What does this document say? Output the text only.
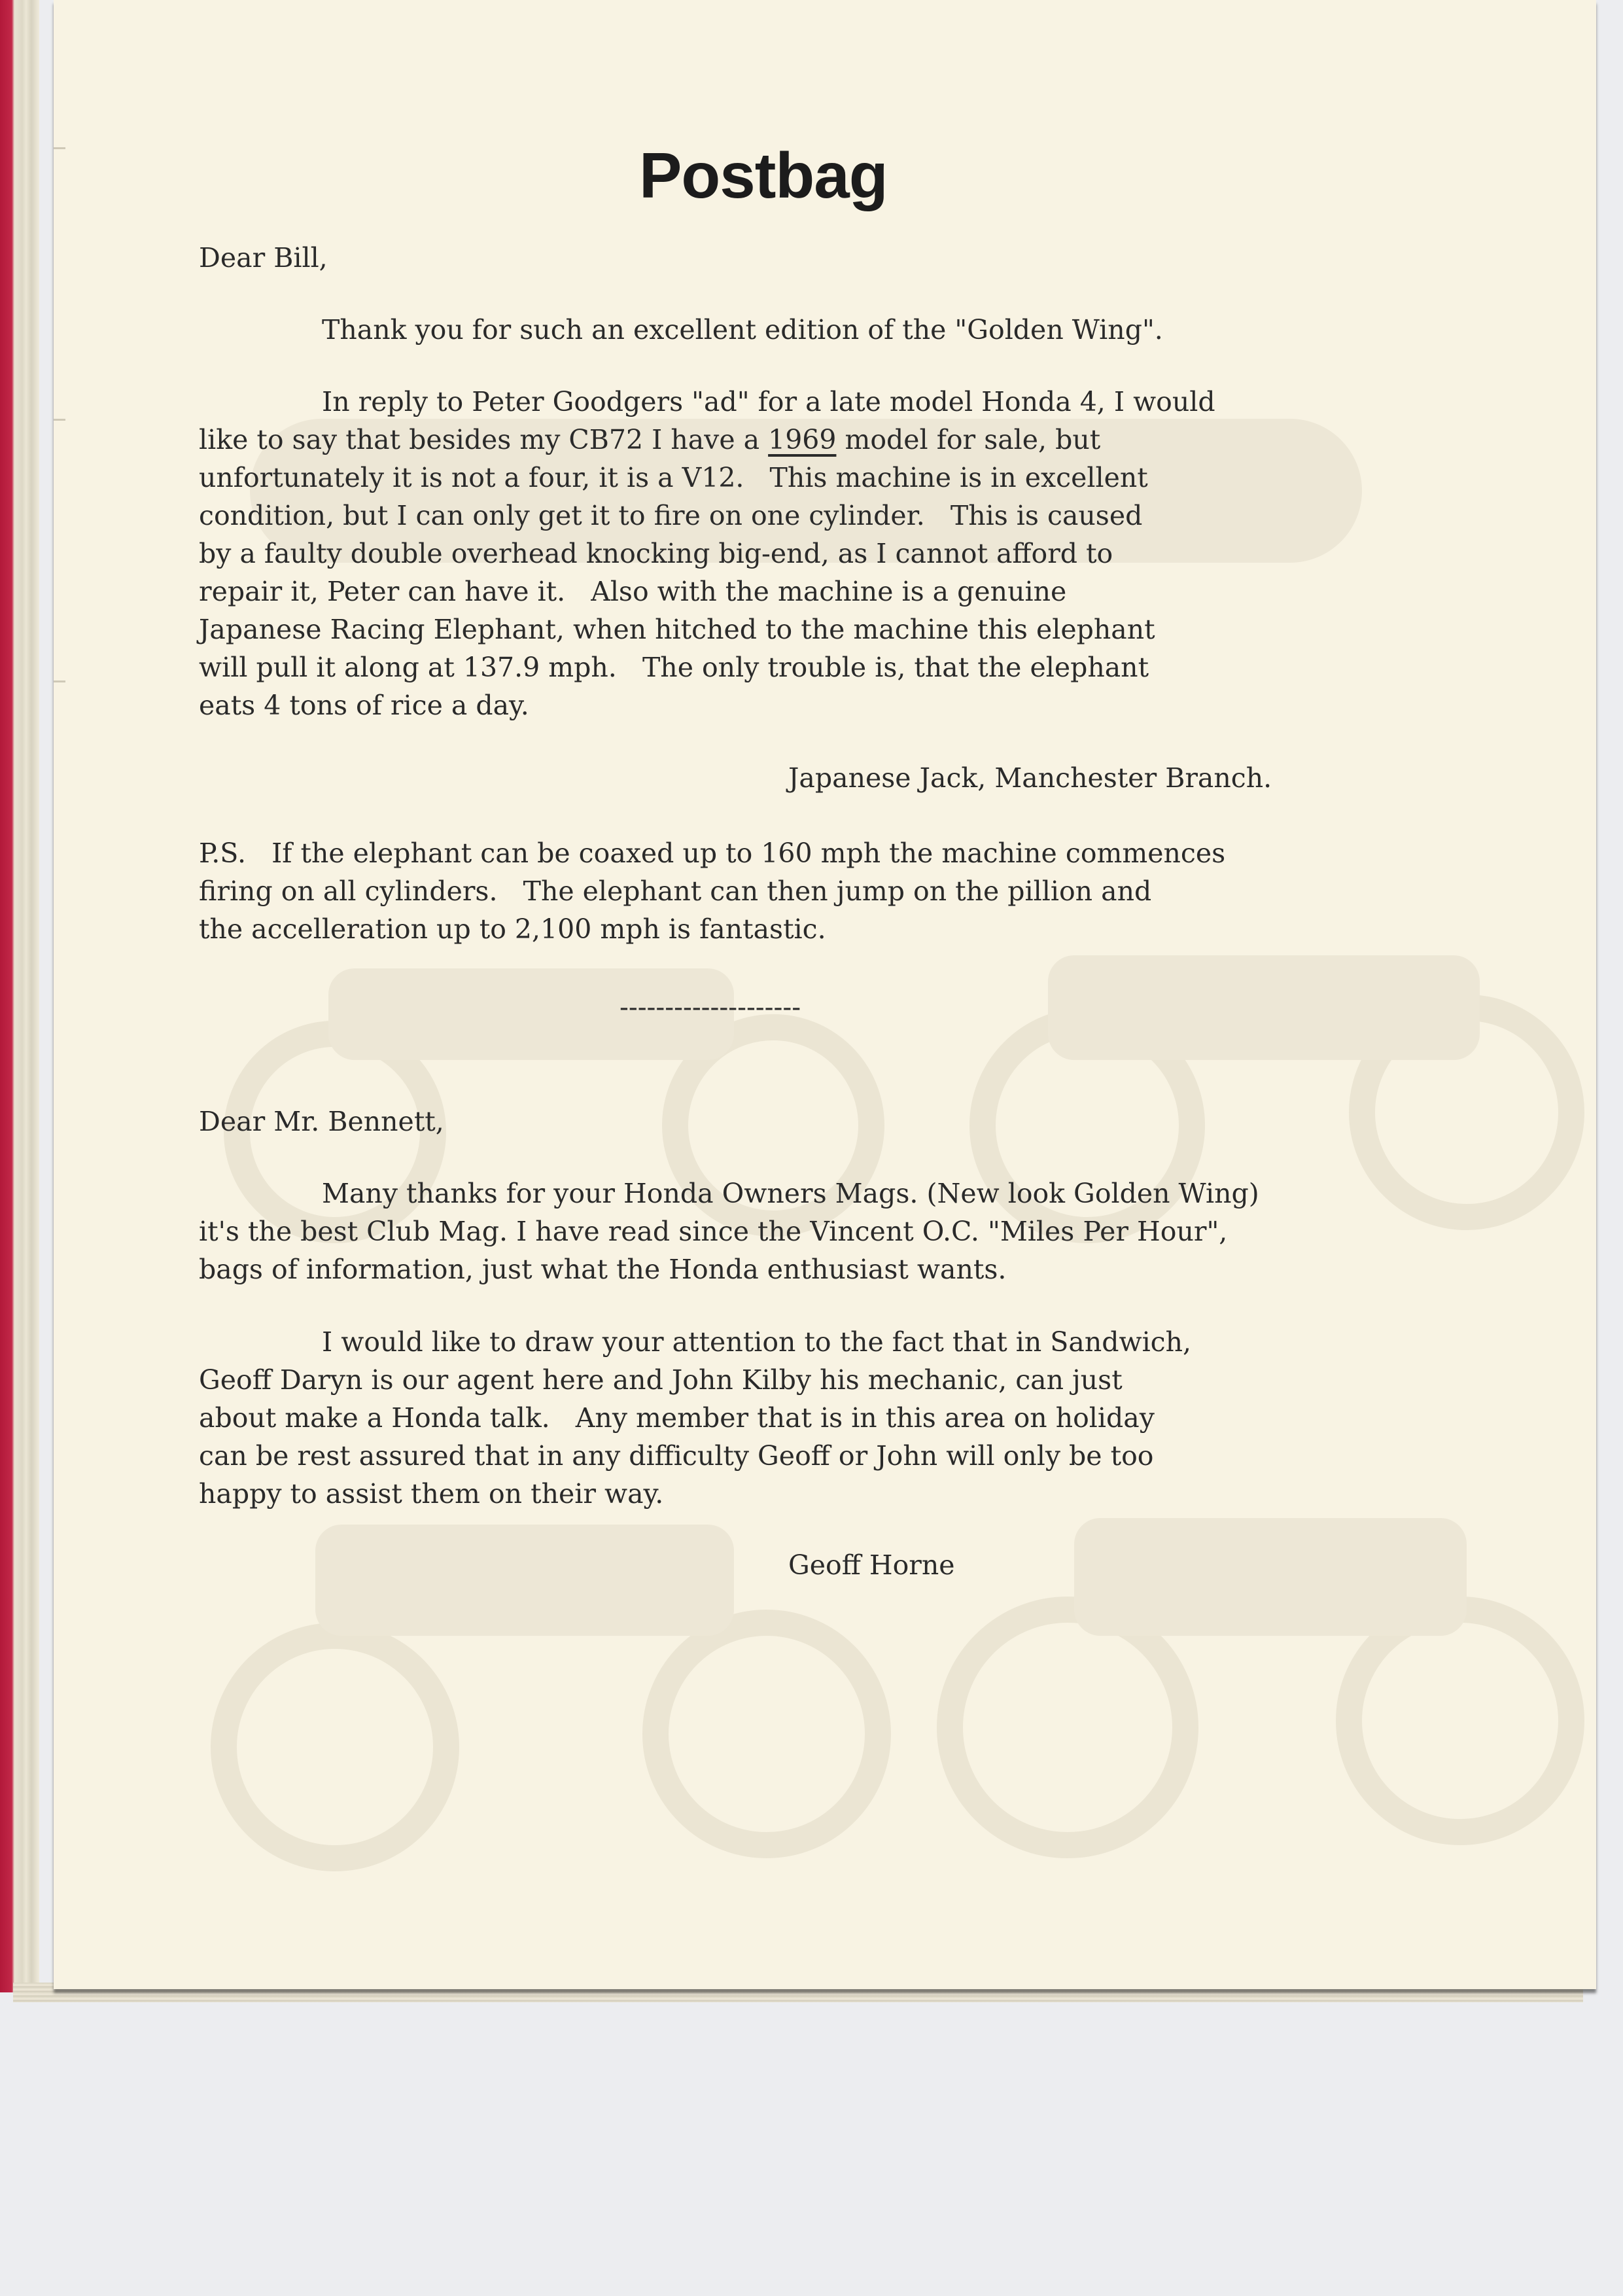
Postbag
Dear Bill,
Thank you for such an excellent edition of the "Golden Wing".
In reply to Peter Goodgers "ad" for a late model Honda 4, I would
like to say that besides my CB72 I have a 1969 model for sale, but
unfortunately it is not a four, it is a V12.   This machine is in excellent
condition, but I can only get it to fire on one cylinder.   This is caused
by a faulty double overhead knocking big-end, as I cannot afford to
repair it, Peter can have it.   Also with the machine is a genuine
Japanese Racing Elephant, when hitched to the machine this elephant
will pull it along at 137.9 mph.   The only trouble is, that the elephant
eats 4 tons of rice a day.
Japanese Jack, Manchester Branch.
P.S.   If the elephant can be coaxed up to 160 mph the machine commences
firing on all cylinders.   The elephant can then jump on the pillion and
the accelleration up to 2,100 mph is fantastic.
--------------------
Dear Mr. Bennett,
Many thanks for your Honda Owners Mags. (New look Golden Wing)
it's the best Club Mag. I have read since the Vincent O.C. "Miles Per Hour",
bags of information, just what the Honda enthusiast wants.
I would like to draw your attention to the fact that in Sandwich,
Geoff Daryn is our agent here and John Kilby his mechanic, can just
about make a Honda talk.   Any member that is in this area on holiday
can be rest assured that in any difficulty Geoff or John will only be too
happy to assist them on their way.
Geoff Horne
